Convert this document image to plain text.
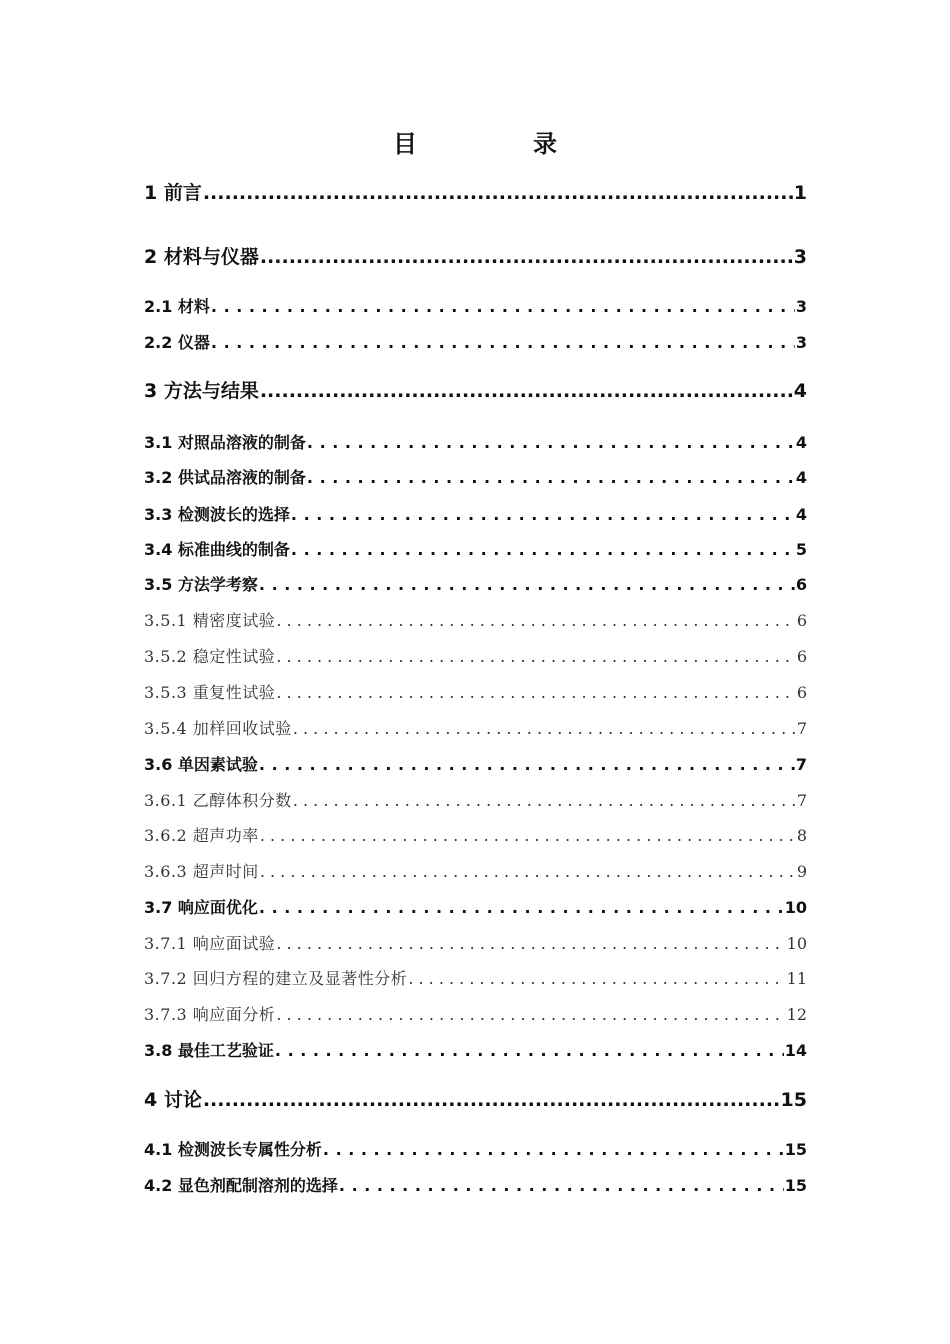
目　录
1 前言 .....	1
2 材料与仪器 .....	3
2.1 材料 . . .	3
2.2 仪器 . . .	3
3 方法与结果 .....	4
3.1 对照品溶液的制备 . . .	4
3.2 供试品溶液的制备 . . .	4
3.3 检测波长的选择 . . .	4
3.4 标准曲线的制备 . . .	5
3.5 方法学考察 . . .	6
3.5.1 精密度试验 . . .	6
3.5.2 稳定性试验 . . .	6
3.5.3 重复性试验 . . .	6
3.5.4 加样回收试验 . . .	7
3.6 单因素试验 . . .	7
3.6.1 乙醇体积分数 . . .	7
3.6.2 超声功率 . . .	8
3.6.3 超声时间 . . .	9
3.7 响应面优化 . . .	10
3.7.1 响应面试验 . . .	10
3.7.2 回归方程的建立及显著性分析 . . .	11
3.7.3 响应面分析 . . .	12
3.8 最佳工艺验证 . . .	14
4 讨论 .....	15
4.1 检测波长专属性分析 . . .	15
4.2 显色剂配制溶剂的选择 . . .	15
